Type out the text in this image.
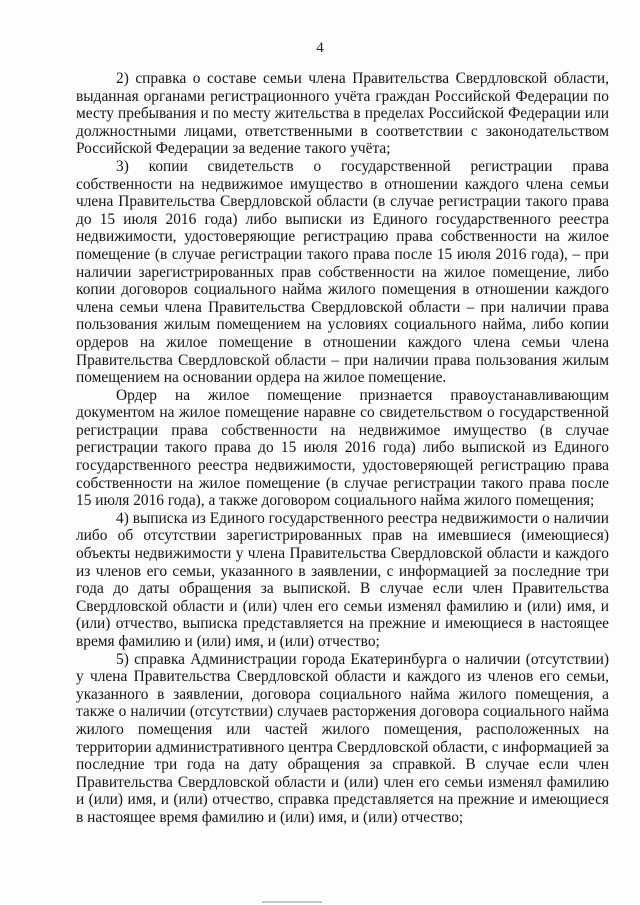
4

2) справка о составе семьи члена Правительства Свердловской области, выданная органами регистрационного учёта граждан Российской Федерации по месту пребывания и по месту жительства в пределах Российской Федерации или должностными лицами, ответственными в соответствии с законодательством Российской Федерации за ведение такого учёта;

3) копии свидетельств о государственной регистрации права собственности на недвижимое имущество в отношении каждого члена семьи члена Правительства Свердловской области (в случае регистрации такого права до 15 июля 2016 года) либо выписки из Единого государственного реестра недвижимости, удостоверяющие регистрацию права собственности на жилое помещение (в случае регистрации такого права после 15 июля 2016 года), – при наличии зарегистрированных прав собственности на жилое помещение, либо копии договоров социального найма жилого помещения в отношении каждого члена семьи члена Правительства Свердловской области – при наличии права пользования жилым помещением на условиях социального найма, либо копии ордеров на жилое помещение в отношении каждого члена семьи члена Правительства Свердловской области – при наличии права пользования жилым помещением на основании ордера на жилое помещение.

Ордер на жилое помещение признается правоустанавливающим документом на жилое помещение наравне со свидетельством о государственной регистрации права собственности на недвижимое имущество (в случае регистрации такого права до 15 июля 2016 года) либо выпиской из Единого государственного реестра недвижимости, удостоверяющей регистрацию права собственности на жилое помещение (в случае регистрации такого права после 15 июля 2016 года), а также договором социального найма жилого помещения;

4) выписка из Единого государственного реестра недвижимости о наличии либо об отсутствии зарегистрированных прав на имевшиеся (имеющиеся) объекты недвижимости у члена Правительства Свердловской области и каждого из членов его семьи, указанного в заявлении, с информацией за последние три года до даты обращения за выпиской. В случае если член Правительства Свердловской области и (или) член его семьи изменял фамилию и (или) имя, и (или) отчество, выписка представляется на прежние и имеющиеся в настоящее время фамилию и (или) имя, и (или) отчество;

5) справка Администрации города Екатеринбурга о наличии (отсутствии) у члена Правительства Свердловской области и каждого из членов его семьи, указанного в заявлении, договора социального найма жилого помещения, а также о наличии (отсутствии) случаев расторжения договора социального найма жилого помещения или частей жилого помещения, расположенных на территории административного центра Свердловской области, с информацией за последние три года на дату обращения за справкой. В случае если член Правительства Свердловской области и (или) член его семьи изменял фамилию и (или) имя, и (или) отчество, справка представляется на прежние и имеющиеся в настоящее время фамилию и (или) имя, и (или) отчество;
